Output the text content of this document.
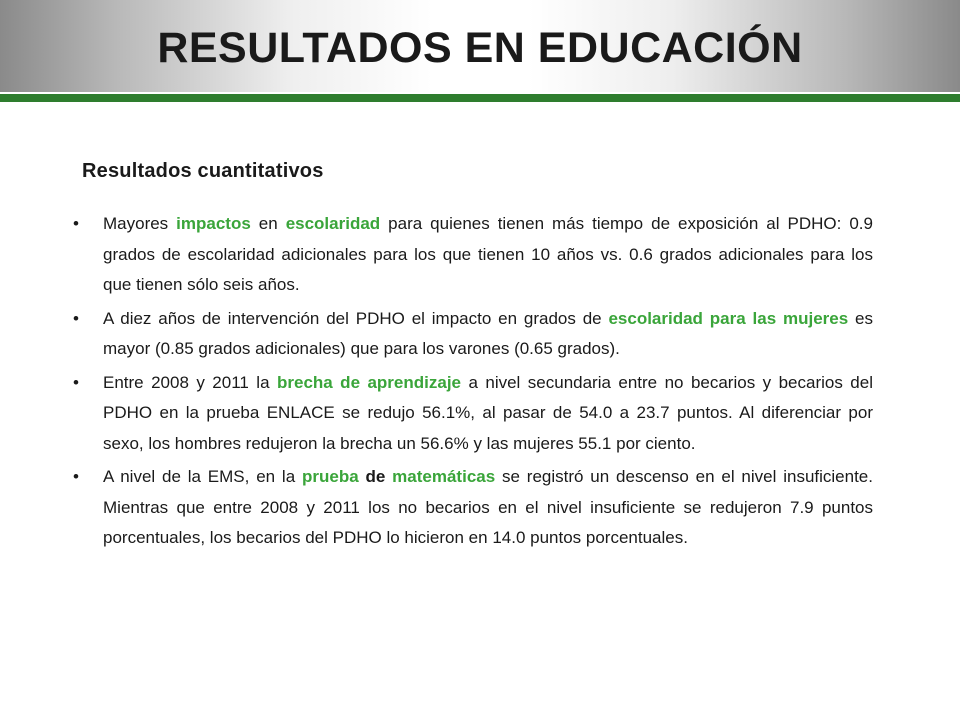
RESULTADOS EN EDUCACIÓN
Resultados cuantitativos
• Mayores impactos en escolaridad para quienes tienen más tiempo de exposición al PDHO: 0.9 grados de escolaridad adicionales para los que tienen 10 años vs. 0.6 grados adicionales para los que tienen sólo seis años.
• A diez años de intervención del PDHO el impacto en grados de escolaridad para las mujeres es mayor (0.85 grados adicionales) que para los varones (0.65 grados).
• Entre 2008 y 2011 la brecha de aprendizaje a nivel secundaria entre no becarios y becarios del PDHO en la prueba ENLACE se redujo 56.1%, al pasar de 54.0 a 23.7 puntos. Al diferenciar por sexo, los hombres redujeron la brecha un 56.6% y las mujeres 55.1 por ciento.
• A nivel de la EMS, en la prueba de matemáticas se registró un descenso en el nivel insuficiente. Mientras que entre 2008 y 2011 los no becarios en el nivel insuficiente se redujeron 7.9 puntos porcentuales, los becarios del PDHO lo hicieron en 14.0 puntos porcentuales.
